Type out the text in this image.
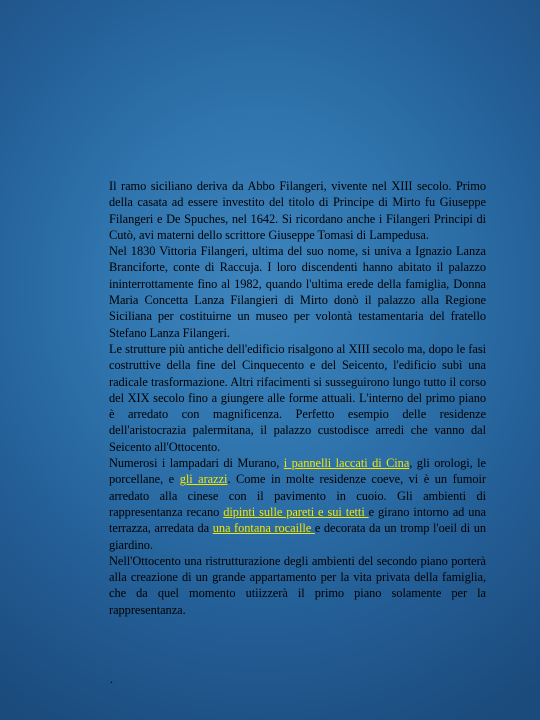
Il ramo siciliano deriva da Abbo Filangeri, vivente nel XIII secolo. Primo della casata ad essere investito del titolo di Principe di Mirto fu Giuseppe Filangeri e De Spuches, nel 1642. Si ricordano anche i Filangeri Principi di Cutò, avi materni dello scrittore Giuseppe Tomasi di Lampedusa.

Nel 1830 Vittoria Filangeri, ultima del suo nome, si univa a Ignazio Lanza Branciforte, conte di Raccuja. I loro discendenti hanno abitato il palazzo ininterrottamente fino al 1982, quando l'ultima erede della famiglia, Donna Maria Concetta Lanza Filangieri di Mirto donò il palazzo alla Regione Siciliana per costituirne un museo per volontà testamentaria del fratello Stefano Lanza Filangeri.

Le strutture più antiche dell'edificio risalgono al XIII secolo ma, dopo le fasi costruttive della fine del Cinquecento e del Seicento, l'edificio subì una radicale trasformazione. Altri rifacimenti si susseguirono lungo tutto il corso del XIX secolo fino a giungere alle forme attuali. L'interno del primo piano è arredato con magnificenza. Perfetto esempio delle residenze dell'aristocrazia palermitana, il palazzo custodisce arredi che vanno dal Seicento all'Ottocento.

Numerosi i lampadari di Murano, i pannelli laccati di Cina, gli orologi, le porcellane, e gli arazzi. Come in molte residenze coeve, vi è un fumoir arredato alla cinese con il pavimento in cuoio. Gli ambienti di rappresentanza recano dipinti sulle pareti e sui tetti e girano intorno ad una terrazza, arredata da una fontana rocaille e decorata da un tromp l'oeil di un giardino.

Nell'Ottocento una ristrutturazione degli ambienti del secondo piano porterà alla creazione di un grande appartamento per la vita privata della famiglia, che da quel momento utiizzerà il primo piano solamente per la rappresentanza.

.
